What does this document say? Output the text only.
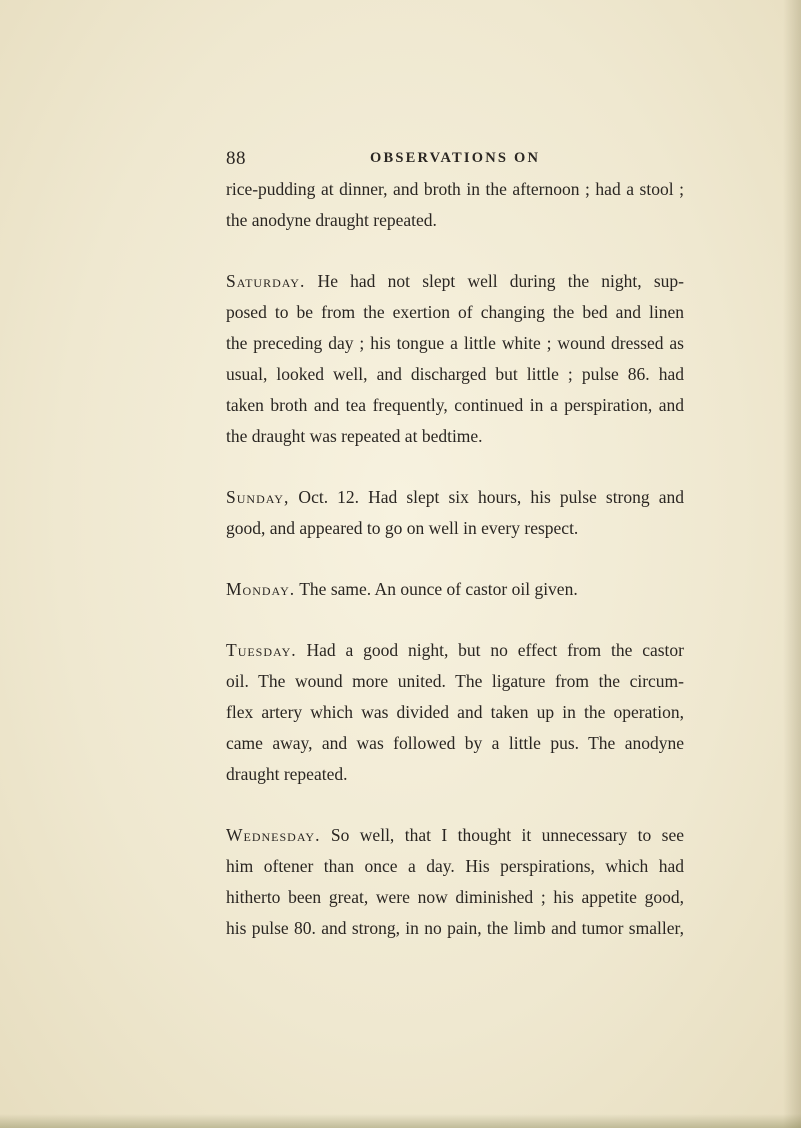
88	OBSERVATIONS ON
rice-pudding at dinner, and broth in the afternoon ; had a stool ;
the anodyne draught repeated.
Saturday. He had not slept well during the night, sup-
posed to be from the exertion of changing the bed and linen
the preceding day ; his tongue a little white ; wound dressed as
usual, looked well, and discharged but little ; pulse 86. had
taken broth and tea frequently, continued in a perspiration, and
the draught was repeated at bedtime.
Sunday, Oct. 12. Had slept six hours, his pulse strong and
good, and appeared to go on well in every respect.
Monday. The same. An ounce of castor oil given.
Tuesday. Had a good night, but no effect from the castor
oil. The wound more united. The ligature from the circum-
flex artery which was divided and taken up in the operation,
came away, and was followed by a little pus. The anodyne
draught repeated.
Wednesday. So well, that I thought it unnecessary to see
him oftener than once a day. His perspirations, which had
hitherto been great, were now diminished ; his appetite good,
his pulse 80. and strong, in no pain, the limb and tumor smaller,
